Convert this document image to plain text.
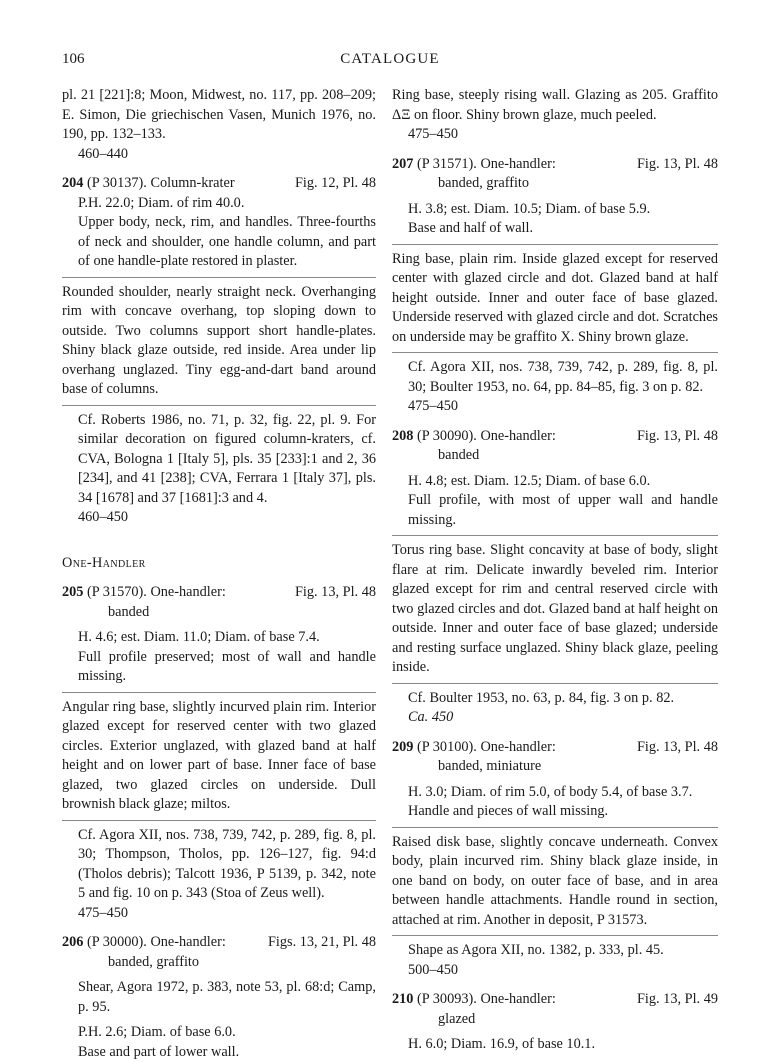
106	CATALOGUE

pl. 21 [221]:8; Moon, Midwest, no. 117, pp. 208–209; E. Simon, Die griechischen Vasen, Munich 1976, no. 190, pp. 132–133.

460–440

204 (P 30137). Column-krater	Fig. 12, Pl. 48

P.H. 22.0; Diam. of rim 40.0.

Upper body, neck, rim, and handles. Three-fourths of neck and shoulder, one handle column, and part of one handle-plate restored in plaster.

Rounded shoulder, nearly straight neck. Overhanging rim with concave overhang, top sloping down to outside. Two columns support short handle-plates. Shiny black glaze outside, red inside. Area under lip overhang unglazed. Tiny egg-and-dart band around base of columns.

Cf. Roberts 1986, no. 71, p. 32, fig. 22, pl. 9. For similar decoration on figured column-kraters, cf. CVA, Bologna 1 [Italy 5], pls. 35 [233]:1 and 2, 36 [234], and 41 [238]; CVA, Ferrara 1 [Italy 37], pls. 34 [1678] and 37 [1681]:3 and 4.

460–450

One-Handler
205 (P 31570). One-handler:	Fig. 13, Pl. 48

banded

H. 4.6; est. Diam. 11.0; Diam. of base 7.4.

Full profile preserved; most of wall and handle missing.

Angular ring base, slightly incurved plain rim. Interior glazed except for reserved center with two glazed circles. Exterior unglazed, with glazed band at half height and on lower part of base. Inner face of base glazed, two glazed circles on underside. Dull brownish black glaze; miltos.

Cf. Agora XII, nos. 738, 739, 742, p. 289, fig. 8, pl. 30; Thompson, Tholos, pp. 126–127, fig. 94:d (Tholos debris); Talcott 1936, P 5139, p. 342, note 5 and fig. 10 on p. 343 (Stoa of Zeus well).

475–450

206 (P 30000). One-handler:	Figs. 13, 21, Pl. 48

banded, graffito

Shear, Agora 1972, p. 383, note 53, pl. 68:d; Camp, p. 95.

P.H. 2.6; Diam. of base 6.0.

Base and part of lower wall.

Ring base, steeply rising wall. Glazing as 205. Graffito ΔΞ on floor. Shiny brown glaze, much peeled.

475–450

207 (P 31571). One-handler:	Fig. 13, Pl. 48

banded, graffito

H. 3.8; est. Diam. 10.5; Diam. of base 5.9.

Base and half of wall.

Ring base, plain rim. Inside glazed except for reserved center with glazed circle and dot. Glazed band at half height outside. Inner and outer face of base glazed. Underside reserved with glazed circle and dot. Scratches on underside may be graffito X. Shiny brown glaze.

Cf. Agora XII, nos. 738, 739, 742, p. 289, fig. 8, pl. 30; Boulter 1953, no. 64, pp. 84–85, fig. 3 on p. 82.

475–450

208 (P 30090). One-handler:	Fig. 13, Pl. 48

banded

H. 4.8; est. Diam. 12.5; Diam. of base 6.0.

Full profile, with most of upper wall and handle missing.

Torus ring base. Slight concavity at base of body, slight flare at rim. Delicate inwardly beveled rim. Interior glazed except for rim and central reserved circle with two glazed circles and dot. Glazed band at half height on outside. Inner and outer face of base glazed; underside and resting surface unglazed. Shiny black glaze, peeling inside.

Cf. Boulter 1953, no. 63, p. 84, fig. 3 on p. 82.

Ca. 450

209 (P 30100). One-handler:	Fig. 13, Pl. 48

banded, miniature

H. 3.0; Diam. of rim 5.0, of body 5.4, of base 3.7.

Handle and pieces of wall missing.

Raised disk base, slightly concave underneath. Convex body, plain incurved rim. Shiny black glaze inside, in one band on body, on outer face of base, and in area between handle attachments. Handle round in section, attached at rim. Another in deposit, P 31573.

Shape as Agora XII, no. 1382, p. 333, pl. 45.

500–450

210 (P 30093). One-handler:	Fig. 13, Pl. 49

glazed

H. 6.0; Diam. 16.9, of base 10.1.
